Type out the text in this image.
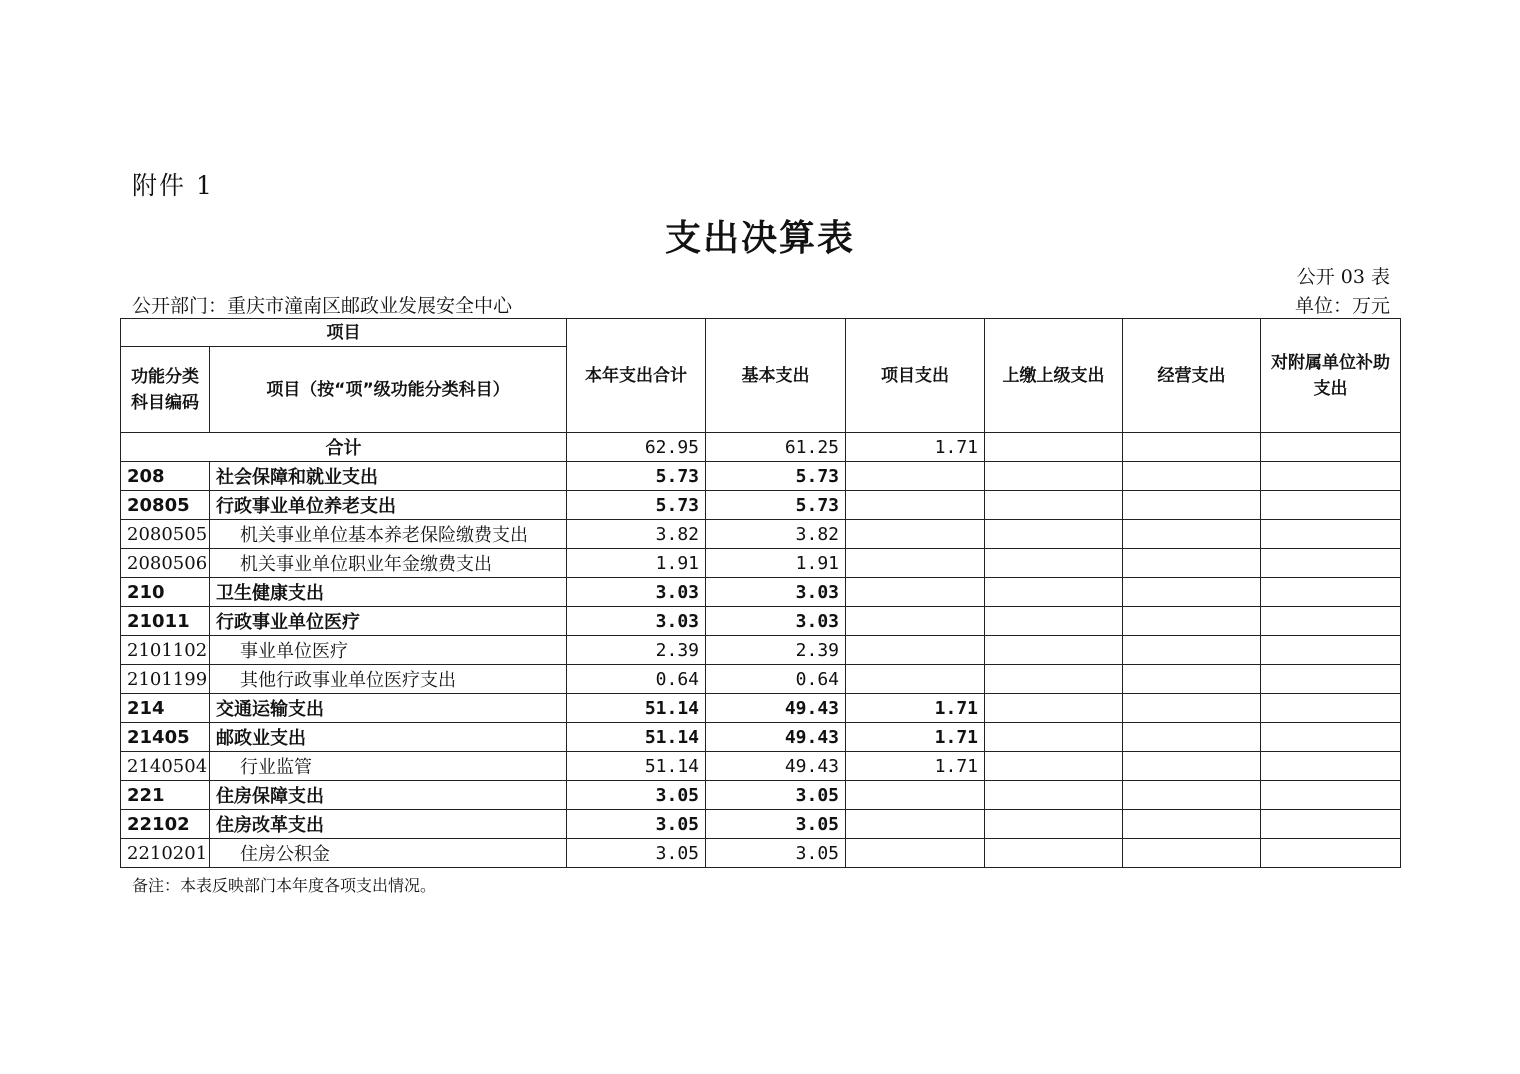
附件 1
支出决算表
公开 03 表
公开部门：重庆市潼南区邮政业发展安全中心	单位：万元
项目		本年支出合计	基本支出	项目支出	上缴上级支出	经营支出	对附属单位补助支出
功能分类科目编码	项目（按“项”级功能分类科目）						
合计		62.95	61.25	1.71			
208	社会保障和就业支出	5.73	5.73				
20805	行政事业单位养老支出	5.73	5.73				
2080505	机关事业单位基本养老保险缴费支出	3.82	3.82				
2080506	机关事业单位职业年金缴费支出	1.91	1.91				
210	卫生健康支出	3.03	3.03				
21011	行政事业单位医疗	3.03	3.03				
2101102	事业单位医疗	2.39	2.39				
2101199	其他行政事业单位医疗支出	0.64	0.64				
214	交通运输支出	51.14	49.43	1.71			
21405	邮政业支出	51.14	49.43	1.71			
2140504	行业监管	51.14	49.43	1.71			
221	住房保障支出	3.05	3.05				
22102	住房改革支出	3.05	3.05				
2210201	住房公积金	3.05	3.05				
备注：本表反映部门本年度各项支出情况。
